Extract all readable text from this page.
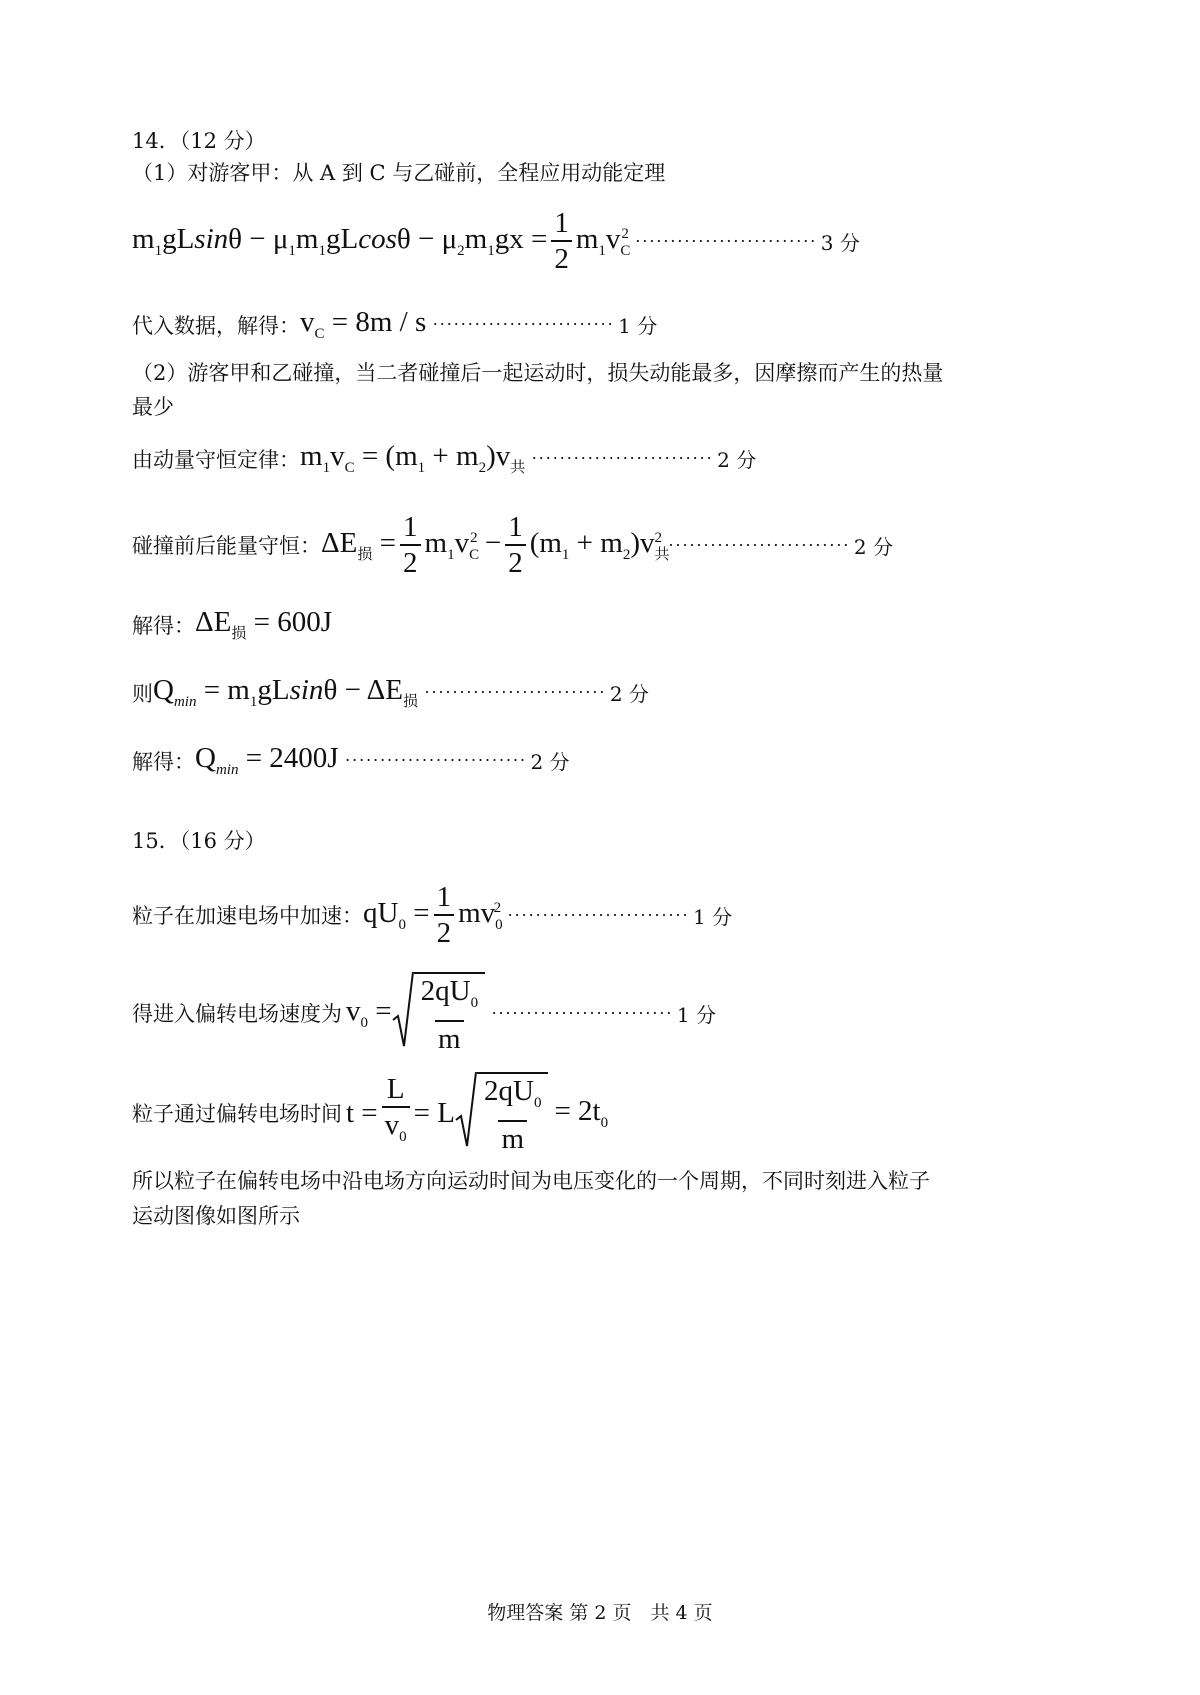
14．（12 分）
（1）对游客甲：从 A 到 C 与乙碰前，全程应用动能定理
$m_1gLsin\theta - \mu_1m_1gLcos\theta - \mu_2m_1gx = \frac{1}{2} m_1v_C^2$ ·························· 3 分
代入数据，解得： $v_C = 8m / s$ ·························· 1 分
（2）游客甲和乙碰撞，当二者碰撞后一起运动时，损失动能最多，因摩擦而产生的热量
最少
由动量守恒定律： $m_1v_C = (m_1 + m_2)v_共$ ·························· 2 分
碰撞前后能量守恒： $\Delta E_损 = \frac{1}{2} m_1v_C^2 - \frac{1}{2} (m_1 + m_2)v_共^2$ ·························· 2 分
解得： $\Delta E_损 = 600J$
则 $Q_{min} = m_1gLsin\theta - \Delta E_损$ ·························· 2 分
解得： $Q_{min} = 2400J$ ·························· 2 分
15．（16 分）
粒子在加速电场中加速： $qU_0 = \frac{1}{2} mv_0^2$ ·························· 1 分
得进入偏转电场速度为 $v_0 = \frac{2qU_0}{m}$ ·························· 1 分
粒子通过偏转电场时间 $t = \frac{L}{v_0} = L \frac{2qU_0}{m} = 2t_0$
所以粒子在偏转电场中沿电场方向运动时间为电压变化的一个周期，不同时刻进入粒子
运动图像如图所示
物理答案 第 2 页　共 4 页
